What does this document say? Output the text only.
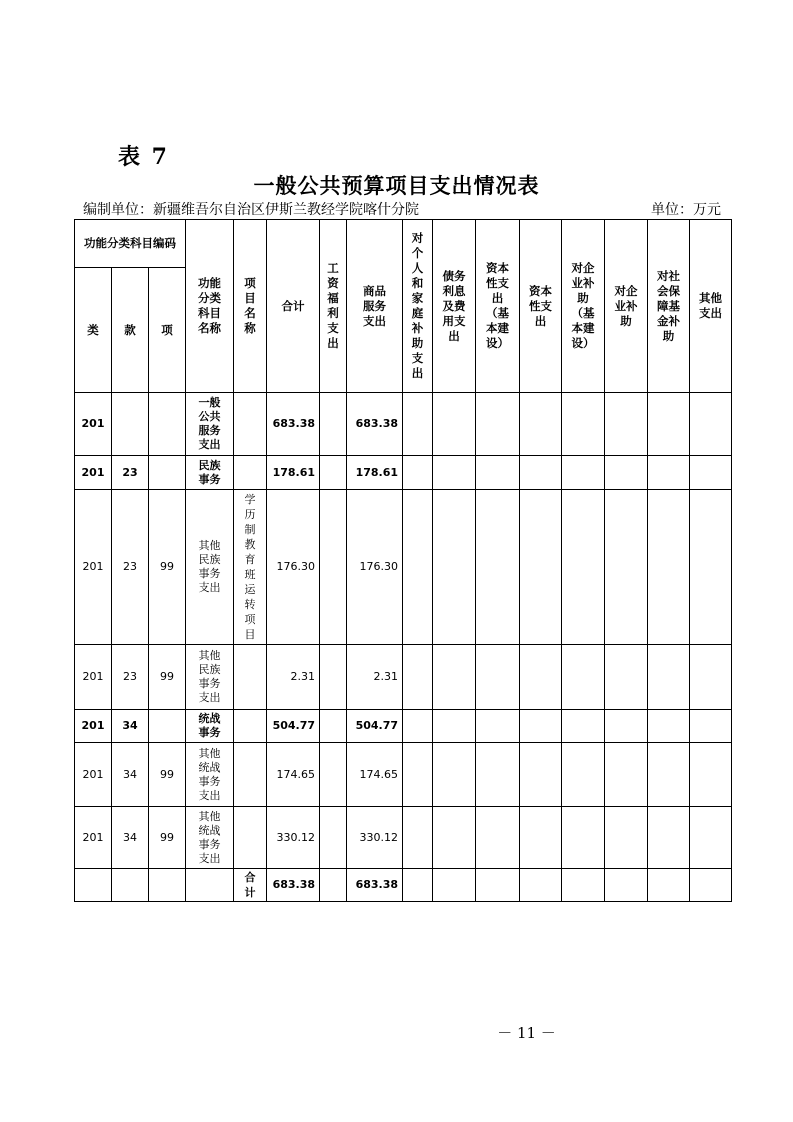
表 7
一般公共预算项目支出情况表
编制单位：新疆维吾尔自治区伊斯兰教经学院喀什分院	单位：万元
功能分类科目编码			功能分类科目名称	项目名称	合计	工资福利支出	商品服务支出	对个人和家庭补助支出	债务利息及费用支出	资本性支出（基本建设）	资本性支出	对企业补助（基本建设）	对企业补助	对社会保障基金补助	其他支出
类	款	项													
201			一般公共服务支出		683.38		683.38								
201	23		民族事务		178.61		178.61								
201	23	99	其他民族事务支出	学历制教育班运转项目	176.30		176.30								
201	23	99	其他民族事务支出		2.31		2.31								
201	34		统战事务		504.77		504.77								
201	34	99	其他统战事务支出		174.65		174.65								
201	34	99	其他统战事务支出		330.12		330.12								
				合计	683.38		683.38								
－ 11 －
